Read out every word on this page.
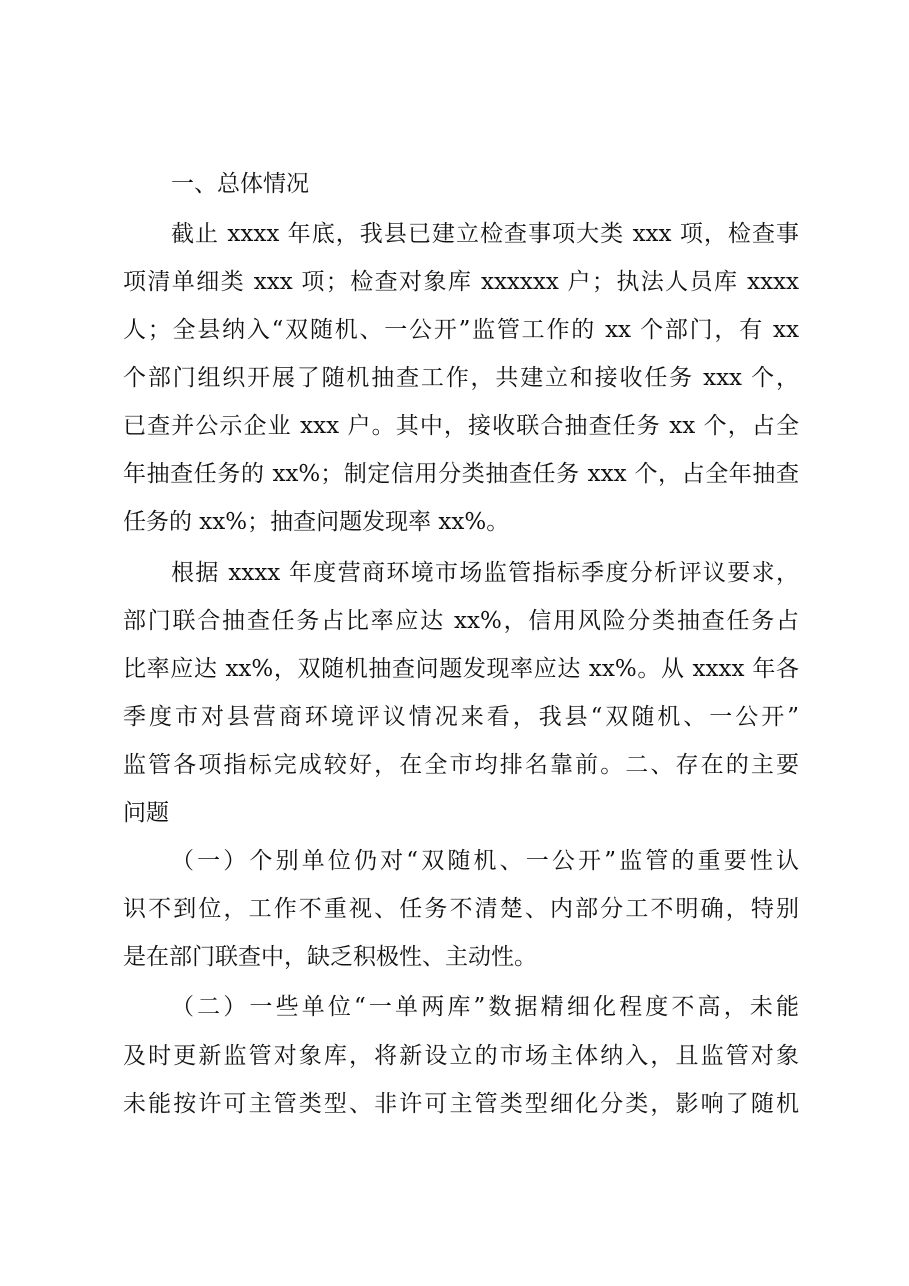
一、总体情况
截止 xxxx 年底，我县已建立检查事项大类 xxx 项，检查事
项清单细类 xxx 项；检查对象库 xxxxxx 户；执法人员库 xxxx
人；全县纳入“双随机、一公开”监管工作的 xx 个部门，有 xx
个部门组织开展了随机抽查工作，共建立和接收任务 xxx 个，
已查并公示企业 xxx 户。其中，接收联合抽查任务 xx 个，占全
年抽查任务的 xx%；制定信用分类抽查任务 xxx 个，占全年抽查
任务的 xx%；抽查问题发现率 xx%。
根据 xxxx 年度营商环境市场监管指标季度分析评议要求，
部门联合抽查任务占比率应达 xx%，信用风险分类抽查任务占
比率应达 xx%，双随机抽查问题发现率应达 xx%。从 xxxx 年各
季度市对县营商环境评议情况来看，我县“双随机、一公开”
监管各项指标完成较好，在全市均排名靠前。二、存在的主要
问题
（一）个别单位仍对“双随机、一公开”监管的重要性认
识不到位，工作不重视、任务不清楚、内部分工不明确，特别
是在部门联查中，缺乏积极性、主动性。
（二）一些单位“一单两库”数据精细化程度不高，未能
及时更新监管对象库，将新设立的市场主体纳入，且监管对象
未能按许可主管类型、非许可主管类型细化分类，影响了随机
